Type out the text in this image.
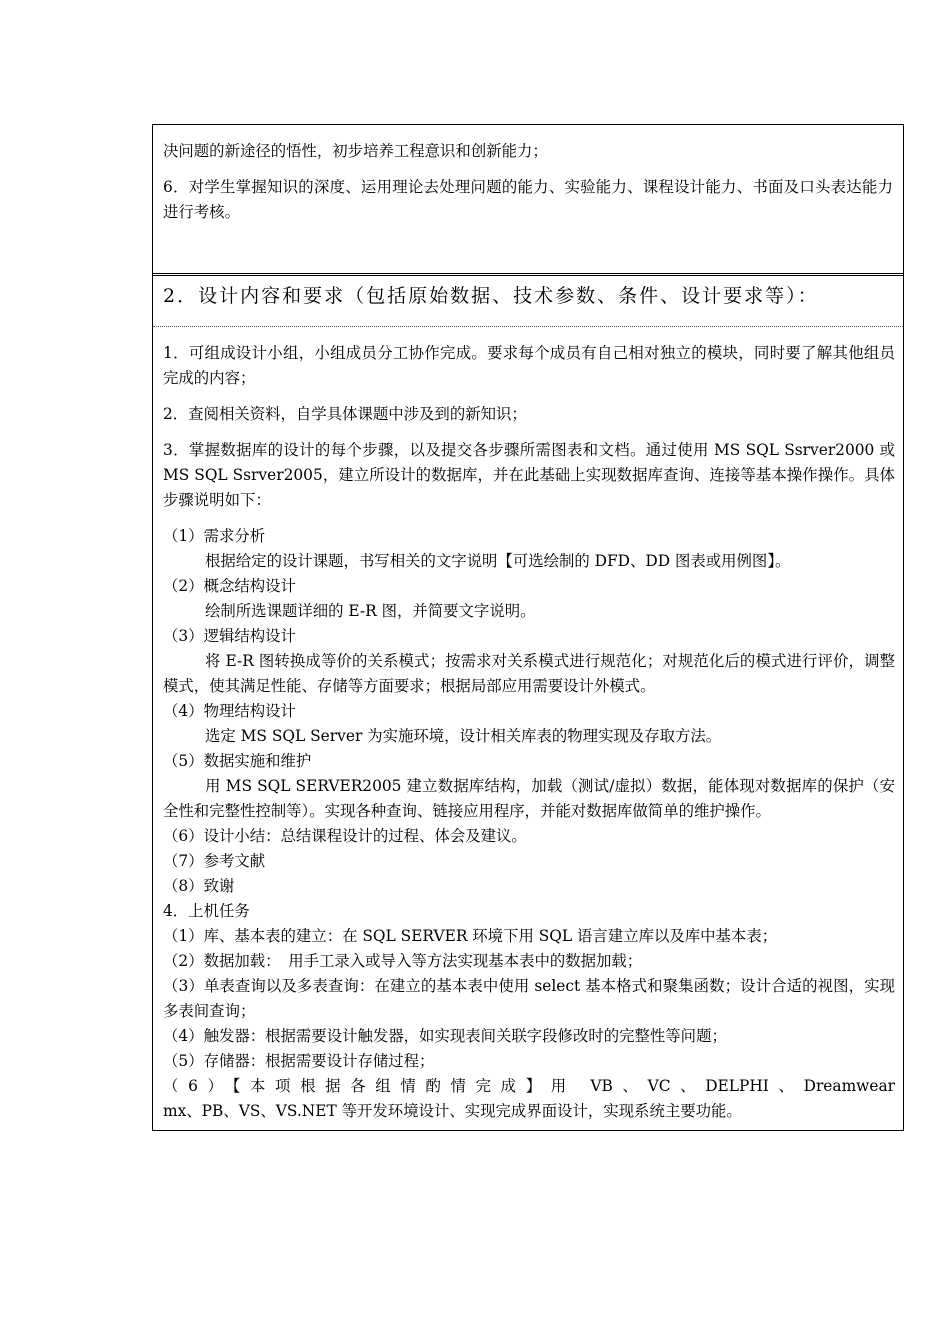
决问题的新途径的悟性，初步培养工程意识和创新能力；

6．对学生掌握知识的深度、运用理论去处理问题的能力、实验能力、课程设计能力、书面及口头表达能力进行考核。

2．设计内容和要求（包括原始数据、技术参数、条件、设计要求等）：

1．可组成设计小组，小组成员分工协作完成。要求每个成员有自己相对独立的模块，同时要了解其他组员完成的内容；

2．查阅相关资料，自学具体课题中涉及到的新知识；

3．掌握数据库的设计的每个步骤，以及提交各步骤所需图表和文档。通过使用 MS SQL Ssrver2000 或 MS SQL Ssrver2005，建立所设计的数据库，并在此基础上实现数据库查询、连接等基本操作操作。具体步骤说明如下：

（1）需求分析

根据给定的设计课题，书写相关的文字说明【可选绘制的 DFD、DD 图表或用例图】。

（2）概念结构设计

绘制所选课题详细的 E-R 图，并简要文字说明。

（3）逻辑结构设计

将 E-R 图转换成等价的关系模式；按需求对关系模式进行规范化；对规范化后的模式进行评价，调整模式，使其满足性能、存储等方面要求；根据局部应用需要设计外模式。

（4）物理结构设计

选定 MS SQL Server 为实施环境，设计相关库表的物理实现及存取方法。

（5）数据实施和维护

用 MS SQL SERVER2005 建立数据库结构，加载（测试/虚拟）数据，能体现对数据库的保护（安全性和完整性控制等）。实现各种查询、链接应用程序，并能对数据库做简单的维护操作。

（6）设计小结：总结课程设计的过程、体会及建议。

（7）参考文献

（8）致谢

4．上机任务

（1）库、基本表的建立：在 SQL SERVER 环境下用 SQL 语言建立库以及库中基本表；

（2）数据加载：　用手工录入或导入等方法实现基本表中的数据加载；

（3）单表查询以及多表查询：在建立的基本表中使用 select 基本格式和聚集函数；设计合适的视图，实现多表间查询；

（4）触发器：根据需要设计触发器，如实现表间关联字段修改时的完整性等问题；

（5）存储器：根据需要设计存储过程；

（6）【本项根据各组情酌情完成】用 VB、VC、DELPHI、Dreamwear

mx、PB、VS、VS.NET 等开发环境设计、实现完成界面设计，实现系统主要功能。
